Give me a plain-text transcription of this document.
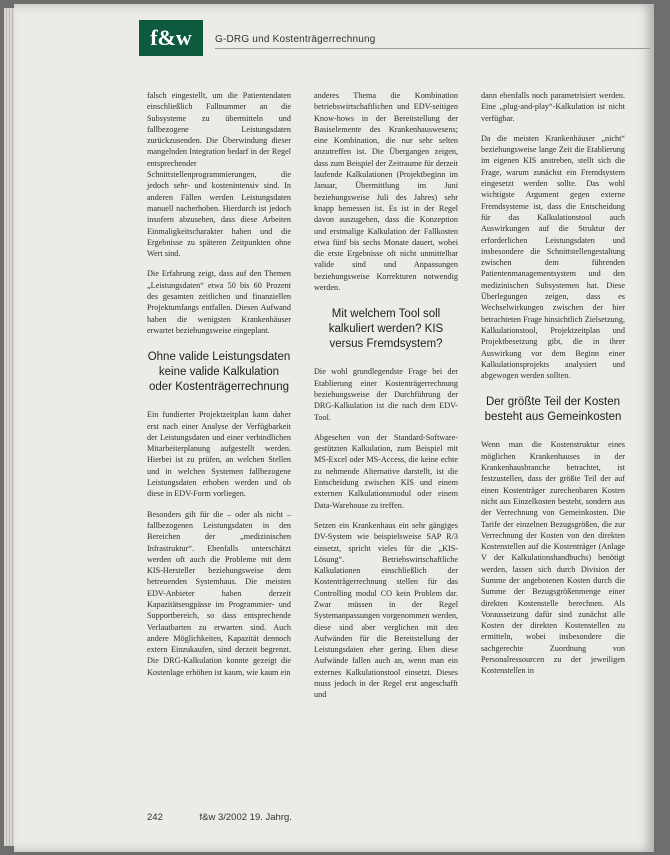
f&w	G-DRG und Kostenträgerrechnung

falsch eingestellt, um die Patientendaten einschließlich Fallnummer an die Subsysteme zu übermitteln und fallbezogene Leistungsdaten zurückzusenden. Die Überwindung dieser mangelnden Integration bedarf in der Regel entsprechender Schnittstellenprogrammierungen, die jedoch sehr- und kostenintensiv sind. In anderen Fällen werden Leistungsdaten manuell nacherhoben. Hierdurch ist jedoch insofern abzusehen, dass diese Arbeiten Einmaligkeitscharakter haben und die Ergebnisse zu späteren Zeitpunkten ohne Wert sind.

Die Erfahrung zeigt, dass auf den Themen „Leistungsdaten“ etwa 50 bis 60 Prozent des gesamten zeitlichen und finanziellen Projektumfangs entfallen. Diesen Aufwand haben die wenigsten Krankenhäuser erwartet beziehungsweise eingeplant.

Ohne valide Leistungsdaten keine valide Kalkulation oder Kostenträgerrechnung

Ein fundierter Projektzeitplan kann daher erst nach einer Analyse der Verfügbarkeit der Leistungsdaten und einer verbindlichen Mitarbeiterplanung aufgestellt werden. Hierbei ist zu prüfen, an welchen Stellen und in welchen Systemen fallbezogene Leistungsdaten erhoben werden und ob diese in EDV-Form vorliegen.

Besonders gilt für die – oder als nicht – fallbezogenen Leistungsdaten in den Bereichen der „medizinischen Infrastruktur“. Ebenfalls unterschätzt werden oft auch die Probleme mit dem KIS-Hersteller beziehungsweise dem betreuenden Systemhaus. Die meisten EDV-Anbieter haben derzeit Kapazitätsengpässe im Programmier- und Supportbereich, so dass entsprechende Verlautbarten zu erwarten sind. Auch andere Möglichkeiten, Kapazität dennoch extern Einzukaufen, sind derzeit begrenzt. Die DRG-Kalkulation konnte gezeigt die Kostenlage erhöhen ist kaum, wie kaum ein

anderes Thema die Kombination betriebswirtschaftlichen und EDV-seitigen Know-hows in der Bereitstellung der Basiselemente des Krankenhauswesens; eine Kombination, die nur sehr selten anzutreffen ist. Die Übergangen zeigen, dass zum Beispiel der Zeitraume für derzeit laufende Kalkulationen (Projektbeginn im Januar, Übermittlung im Juni beziehungsweise Juli des Jahres) sehr knapp bemessen ist. Es ist in der Regel davon auszugehen, dass die Konzeption und erstmalige Kalkulation der Fallkosten etwa fünf bis sechs Monate dauert, wobei die erste Ergebnisse oft nicht unmittelbar valide sind und Anpassungen beziehungsweise Korrekturen notwendig werden.

Mit welchem Tool soll kalkuliert werden? KIS versus Fremdsystem?

Die wohl grundlegendste Frage bei der Etablierung einer Kostenträgerrechnung beziehungsweise der Durchführung der DRG-Kalkulation ist die nach dem EDV-Tool.

Abgesehen von der Standard-Software-gestützten Kalkulation, zum Beispiel mit MS-Excel oder MS-Access, die keine echte zu nehmende Alternative darstellt, ist die Entscheidung zwischen KIS und einem externen Kalkulationsmodul oder einem Data-Warehouse zu treffen.

Setzen ein Krankenhaus ein sehr gängiges DV-System wie beispielsweise SAP R/3 einsetzt, spricht vieles für die „KIS-Lösung“. Betriebswirtschaftliche Kalkulationen einschließlich der Kostenträgerrechnung stellen für das Controlling modul CO kein Problem dar. Zwar müssen in der Regel Systemanpassungen vorgenommen werden, diese sind aber verglichen mit den Aufwänden für die Bereitstellung der Leistungsdaten eher gering. Eben diese Aufwände fallen auch an, wenn man ein externes Kalkulationstool einsetzt. Dieses muss jedoch in der Regel erst angeschafft und

dann ebenfalls noch parametrisiert werden. Eine „plug-and-play“-Kalkulation ist nicht verfügbar.

Da die meisten Krankenhäuser „nicht“ beziehungsweise lange Zeit die Etablierung im eigenen KIS anstreben, stellt sich die Frage, warum zunächst ein Fremdsystem eingesetzt werden sollte. Das wohl wichtigste Argument gegen externe Fremdsysteme ist, dass die Entscheidung für das Kalkulationstool auch Auswirkungen auf die Struktur der erforderlichen Leistungsdaten und insbesondere die Schnittstellengestaltung zwischen dem führenden Patientenmanagementsystem und den medizinischen Subsystemen hat. Diese Überlegungen zeigen, dass es Wechselwirkungen zwischen der hier betrachteten Frage hinsichtlich Zielsetzung, Kalkulationstool, Projektzeitplan und Projektbesetzung gibt, die in ihrer Auswirkung vor dem Beginn einer Kalkulationsprojekts analysiert und abgewogen werden sollten.

Der größte Teil der Kosten besteht aus Gemeinkosten

Wenn man die Kostenstruktur eines möglichen Krankenhauses in der Krankenhausbranche betrachtet, ist festzustellen, dass der größte Teil der auf einen Kostenträger zurechenbaren Kosten nicht aus Einzelkosten besteht, sondern aus der Verrechnung von Gemeinkosten. Die Tarife der einzelnen Bezugsgrößen, die zur Verrechnung der Kosten von den direkten Kostenstellen auf die Kostenträger (Anlage V der Kalkulationshandbuchs) benötigt werden, lassen sich durch Division der Summe der angebotenen Kosten durch die Summe der Bezugsgrößenmenge einer direkten Kostenstelle berechnen. Als Voraussetzung dafür sind zunächst alle Kosten der direkten Kostenstellen zu ermitteln, wobei insbesondere die sachgerechte Zuordnung von Personalressourcen zu der jeweiligen Kostenstellen in

242	f&w 3/2002 19. Jahrg.
